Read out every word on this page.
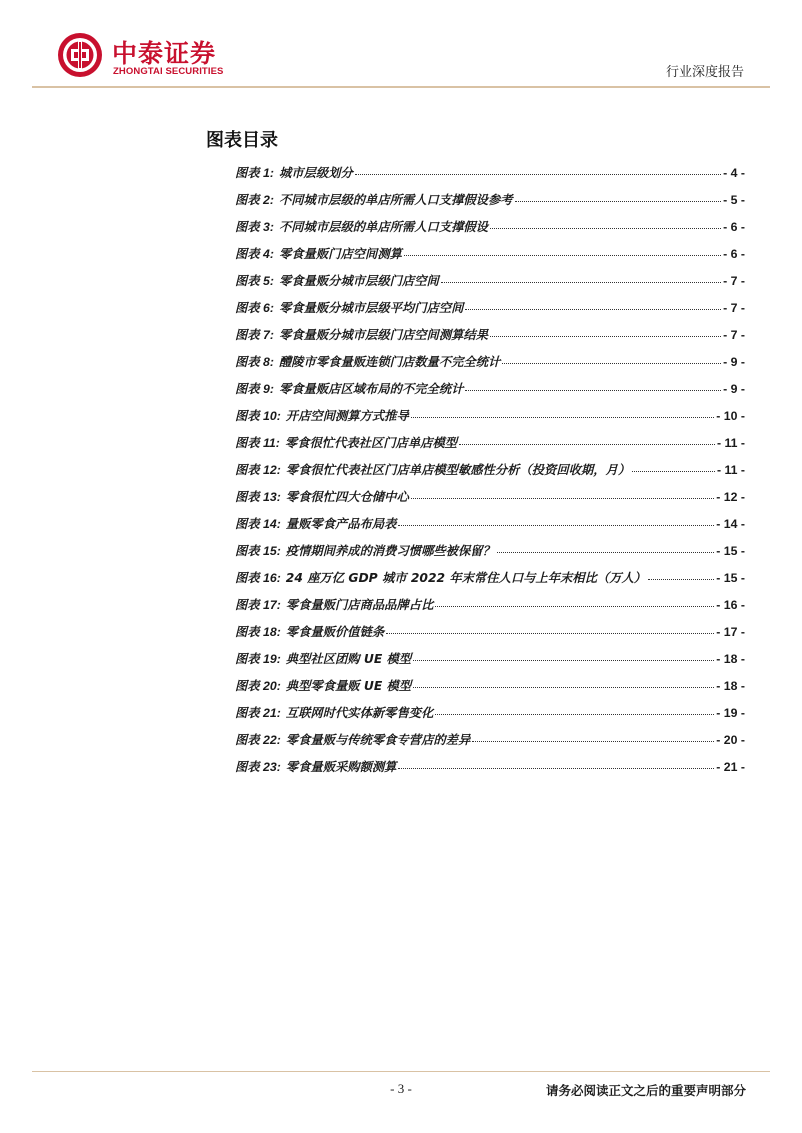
中泰证券
ZHONGTAI SECURITIES	行业深度报告
图表目录
图表 1: 城市层级划分	- 4 -
图表 2: 不同城市层级的单店所需人口支撑假设参考	- 5 -
图表 3: 不同城市层级的单店所需人口支撑假设	- 6 -
图表 4: 零食量贩门店空间测算	- 6 -
图表 5: 零食量贩分城市层级门店空间	- 7 -
图表 6: 零食量贩分城市层级平均门店空间	- 7 -
图表 7: 零食量贩分城市层级门店空间测算结果	- 7 -
图表 8: 醴陵市零食量贩连锁门店数量不完全统计	- 9 -
图表 9: 零食量贩店区域布局的不完全统计	- 9 -
图表 10: 开店空间测算方式推导	- 10 -
图表 11: 零食很忙代表社区门店单店模型	- 11 -
图表 12: 零食很忙代表社区门店单店模型敏感性分析（投资回收期，月）	- 11 -
图表 13: 零食很忙四大仓储中心	- 12 -
图表 14: 量贩零食产品布局表	- 14 -
图表 15: 疫情期间养成的消费习惯哪些被保留？	- 15 -
图表 16: 24 座万亿 GDP 城市 2022 年末常住人口与上年末相比（万人）	- 15 -
图表 17: 零食量贩门店商品品牌占比	- 16 -
图表 18: 零食量贩价值链条	- 17 -
图表 19: 典型社区团购 UE 模型	- 18 -
图表 20: 典型零食量贩 UE 模型	- 18 -
图表 21: 互联网时代实体新零售变化	- 19 -
图表 22: 零食量贩与传统零食专营店的差异	- 20 -
图表 23: 零食量贩采购额测算	- 21 -
- 3 -	请务必阅读正文之后的重要声明部分
